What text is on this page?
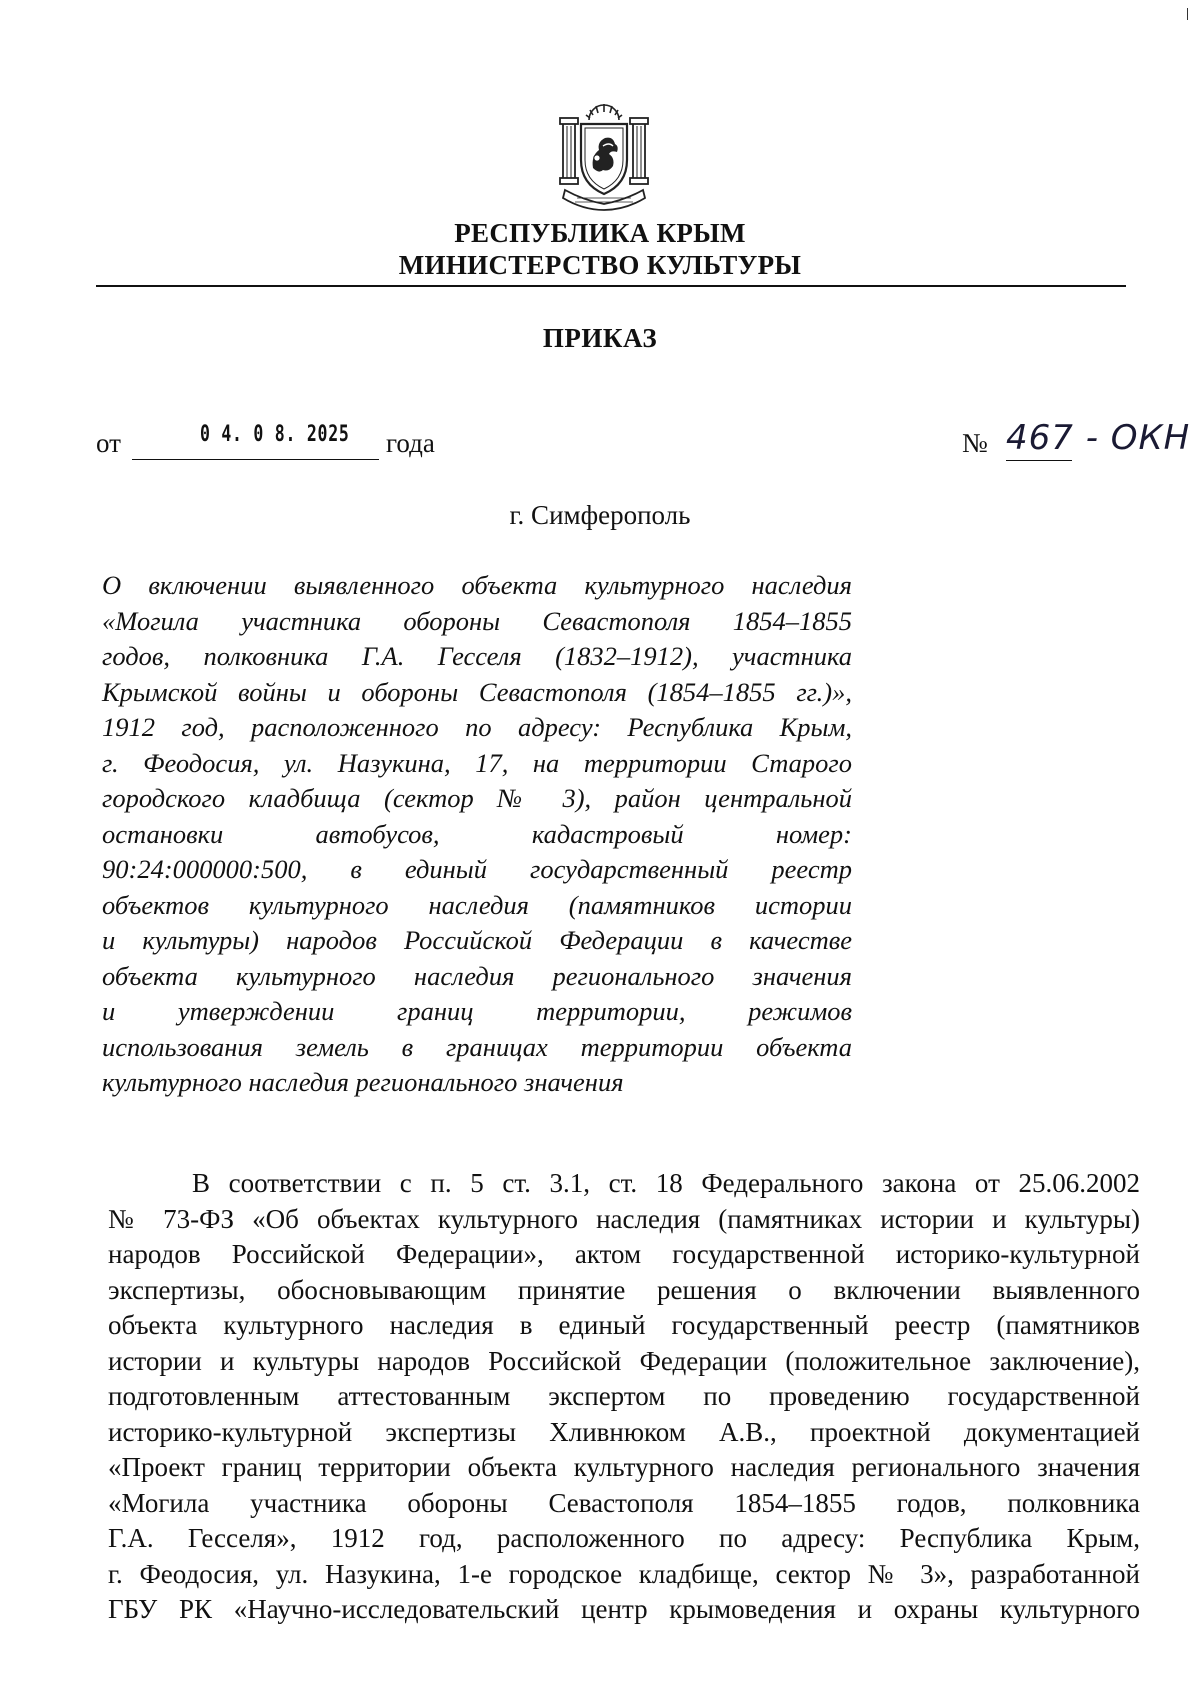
РЕСПУБЛИКА КРЫМ
МИНИСТЕРСТВО КУЛЬТУРЫ
ПРИКАЗ
от	0 4. 0 8. 2025 года	№ 467 - ОКН
г. Симферополь
О включении выявленного объекта культурного наследия
«Могила участника обороны Севастополя 1854–1855
годов, полковника Г.А. Гесселя (1832–1912), участника
Крымской войны и обороны Севастополя (1854–1855 гг.)»,
1912 год, расположенного по адресу: Республика Крым,
г. Феодосия, ул. Назукина, 17, на территории Старого
городского кладбища (сектор № 3), район центральной
остановки автобусов, кадастровый номер:
90:24:000000:500, в единый государственный реестр
объектов культурного наследия (памятников истории
и культуры) народов Российской Федерации в качестве
объекта культурного наследия регионального значения
и утверждении границ территории, режимов
использования земель в границах территории объекта
культурного наследия регионального значения
В соответствии с п. 5 ст. 3.1, ст. 18 Федерального закона от 25.06.2002
№ 73-ФЗ «Об объектах культурного наследия (памятниках истории и культуры)
народов Российской Федерации», актом государственной историко-культурной
экспертизы, обосновывающим принятие решения о включении выявленного
объекта культурного наследия в единый государственный реестр (памятников
истории и культуры народов Российской Федерации (положительное заключение),
подготовленным аттестованным экспертом по проведению государственной
историко-культурной экспертизы Хливнюком А.В., проектной документацией
«Проект границ территории объекта культурного наследия регионального значения
«Могила участника обороны Севастополя 1854–1855 годов, полковника
Г.А. Гесселя», 1912 год, расположенного по адресу: Республика Крым,
г. Феодосия, ул. Назукина, 1-е городское кладбище, сектор № 3», разработанной
ГБУ РК «Научно-исследовательский центр крымоведения и охраны культурного
